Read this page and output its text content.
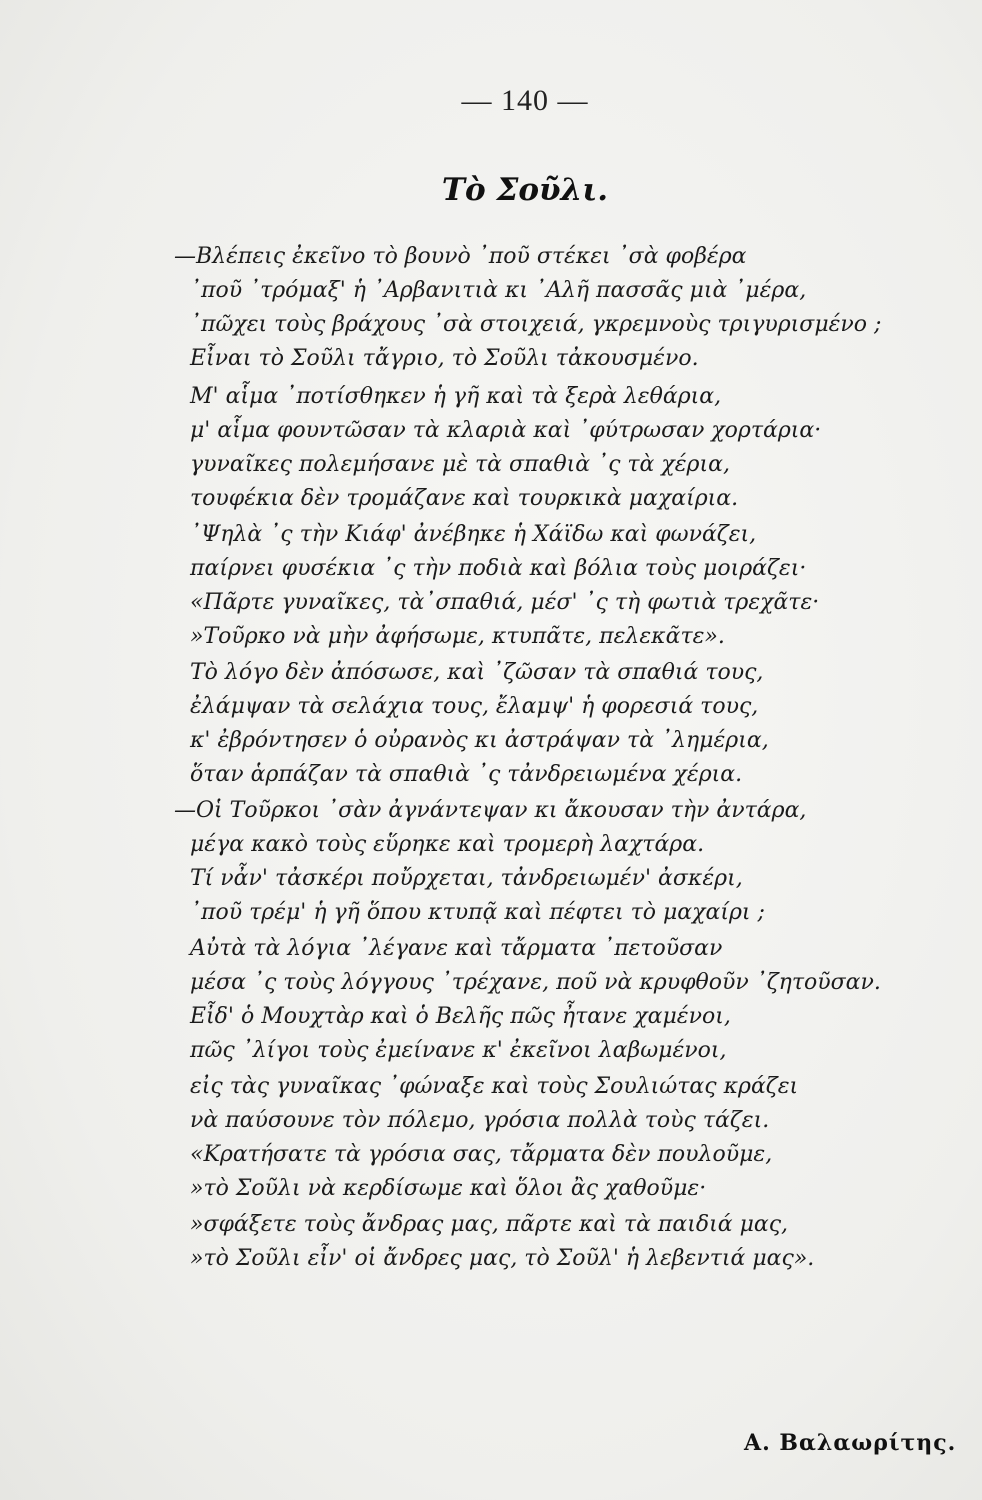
— 140 —
Τὸ Σοῦλι.
—Βλέπεις ἐκεῖνο τὸ βουνὸ ᾿ποῦ στέκει ᾿σὰ φοβέρα
᾿ποῦ ᾿τρόμαξ' ἡ ᾿Αρβανιτιὰ κι ᾿Αλῆ πασσᾶς μιὰ ᾿μέρα,
᾿πῶχει τοὺς βράχους ᾿σὰ στοιχειά, γκρεμνοὺς τριγυρισμένο ;
Εἶναι τὸ Σοῦλι τἄγριο, τὸ Σοῦλι τἀκουσμένο.
Μ' αἷμα ᾿ποτίσθηκεν ἡ γῆ καὶ τὰ ξερὰ λεθάρια,
μ' αἷμα φουντῶσαν τὰ κλαριὰ καὶ ᾿φύτρωσαν χορτάρια·
γυναῖκες πολεμήσανε μὲ τὰ σπαθιὰ ᾿ς τὰ χέρια,
τουφέκια δὲν τρομάζανε καὶ τουρκικὰ μαχαίρια.
᾿Ψηλὰ ᾿ς τὴν Κιάφ' ἀνέβηκε ἡ Χάϊδω καὶ φωνάζει,
παίρνει φυσέκια ᾿ς τὴν ποδιὰ καὶ βόλια τοὺς μοιράζει·
«Πᾶρτε γυναῖκες, τὰ᾿σπαθιά, μέσ' ᾿ς τὴ φωτιὰ τρεχᾶτε·
»Τοῦρκο νὰ μὴν ἀφήσωμε, κτυπᾶτε, πελεκᾶτε».
Τὸ λόγο δὲν ἀπόσωσε, καὶ ᾿ζῶσαν τὰ σπαθιά τους,
ἐλάμψαν τὰ σελάχια τους, ἔλαμψ' ἡ φορεσιά τους,
κ' ἐβρόντησεν ὁ οὐρανὸς κι ἀστράψαν τὰ ᾿λημέρια,
ὅταν ἁρπάζαν τὰ σπαθιὰ ᾿ς τἀνδρειωμένα χέρια.
—Οἱ Τοῦρκοι ᾿σὰν ἀγνάντεψαν κι ἄκουσαν τὴν ἀντάρα,
μέγα κακὸ τοὺς εὕρηκε καὶ τρομερὴ λαχτάρα.
Τί νἆν' τἀσκέρι ποὔρχεται, τἀνδρειωμέν' ἀσκέρι,
᾿ποῦ τρέμ' ἡ γῆ ὅπου κτυπᾷ καὶ πέφτει τὸ μαχαίρι ;
Αὐτὰ τὰ λόγια ᾿λέγανε καὶ τἄρματα ᾿πετοῦσαν
μέσα ᾿ς τοὺς λόγγους ᾿τρέχανε, ποῦ νὰ κρυφθοῦν ᾿ζητοῦσαν.
Εἶδ' ὁ Μουχτὰρ καὶ ὁ Βελῆς πῶς ἦτανε χαμένοι,
πῶς ᾿λίγοι τοὺς ἐμείνανε κ' ἐκεῖνοι λαβωμένοι,
εἰς τὰς γυναῖκας ᾿φώναξε καὶ τοὺς Σουλιώτας κράζει
νὰ παύσουνε τὸν πόλεμο, γρόσια πολλὰ τοὺς τάζει.
«Κρατήσατε τὰ γρόσια σας, τἄρματα δὲν πουλοῦμε,
»τὸ Σοῦλι νὰ κερδίσωμε καὶ ὅλοι ἂς χαθοῦμε·
»σφάξετε τοὺς ἄνδρας μας, πᾶρτε καὶ τὰ παιδιά μας,
»τὸ Σοῦλι εἶν' οἱ ἄνδρες μας, τὸ Σοῦλ' ἡ λεβεντιά μας».
Α. Βαλαωρίτης.
